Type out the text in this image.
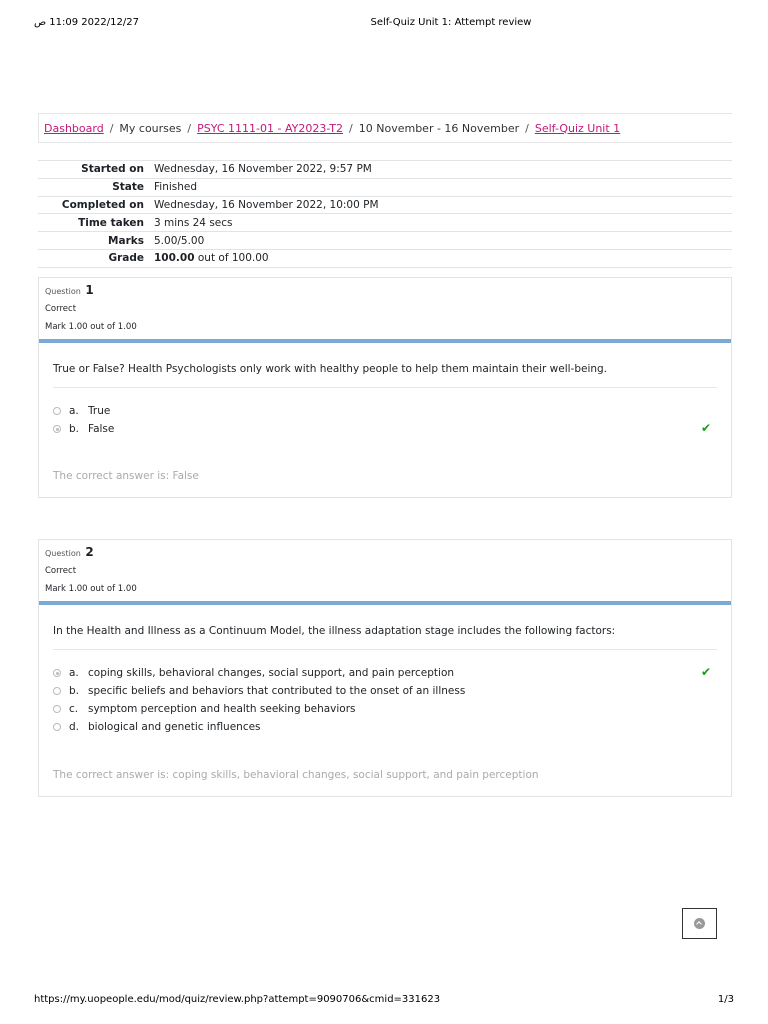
2022/12/27 11:09 ص	Self-Quiz Unit 1: Attempt review
Dashboard / My courses / PSYC 1111-01 - AY2023-T2 / 10 November - 16 November / Self-Quiz Unit 1
Started on	Wednesday, 16 November 2022, 9:57 PM
State	Finished
Completed on	Wednesday, 16 November 2022, 10:00 PM
Time taken	3 mins 24 secs
Marks	5.00/5.00
Grade	100.00 out of 100.00
Question 1
Correct
Mark 1.00 out of 1.00
True or False? Health Psychologists only work with healthy people to help them maintain their well-being.
a. True
b. False	✔
The correct answer is: False
Question 2
Correct
Mark 1.00 out of 1.00
In the Health and Illness as a Continuum Model, the illness adaptation stage includes the following factors:
a. coping skills, behavioral changes, social support, and pain perception
b. specific beliefs and behaviors that contributed to the onset of an illness
c. symptom perception and health seeking behaviors
d. biological and genetic influences
✔
The correct answer is: coping skills, behavioral changes, social support, and pain perception
https://my.uopeople.edu/mod/quiz/review.php?attempt=9090706&cmid=331623	1/3
